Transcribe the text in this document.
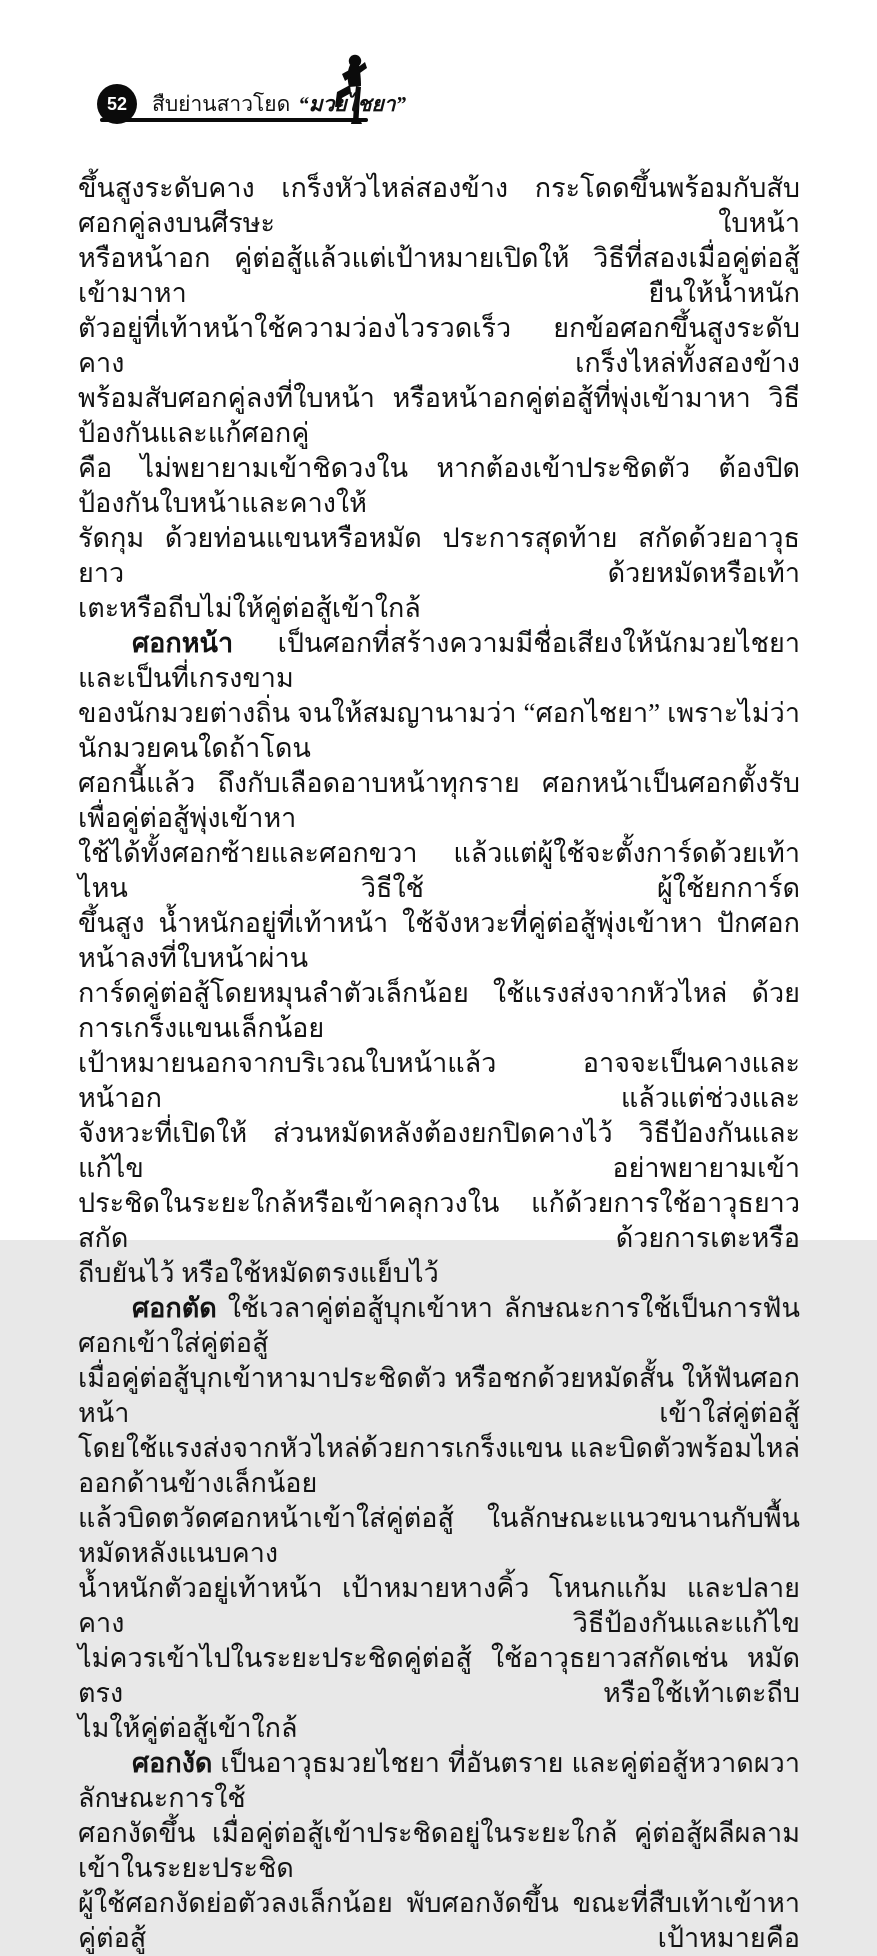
52 สืบย่านสาวโยด “มวยไชยา”
ขึ้นสูงระดับคาง เกร็งหัวไหล่สองข้าง กระโดดขึ้นพร้อมกับสับศอกคู่ลงบนศีรษะ ใบหน้า
หรือหน้าอก คู่ต่อสู้แล้วแต่เป้าหมายเปิดให้ วิธีที่สองเมื่อคู่ต่อสู้เข้ามาหา ยืนให้น้ำหนัก
ตัวอยู่ที่เท้าหน้าใช้ความว่องไวรวดเร็ว ยกข้อศอกขึ้นสูงระดับคาง เกร็งไหล่ทั้งสองข้าง
พร้อมสับศอกคู่ลงที่ใบหน้า หรือหน้าอกคู่ต่อสู้ที่พุ่งเข้ามาหา วิธีป้องกันและแก้ศอกคู่
คือ ไม่พยายามเข้าชิดวงใน หากต้องเข้าประชิดตัว ต้องปิดป้องกันใบหน้าและคางให้
รัดกุม ด้วยท่อนแขนหรือหมัด ประการสุดท้าย สกัดด้วยอาวุธยาว ด้วยหมัดหรือเท้า
เตะหรือถีบไม่ให้คู่ต่อสู้เข้าใกล้
ศอกหน้า เป็นศอกที่สร้างความมีชื่อเสียงให้นักมวยไชยา และเป็นที่เกรงขาม
ของนักมวยต่างถิ่น จนให้สมญานามว่า “ศอกไชยา” เพราะไม่ว่านักมวยคนใดถ้าโดน
ศอกนี้แล้ว ถึงกับเลือดอาบหน้าทุกราย ศอกหน้าเป็นศอกตั้งรับเพื่อคู่ต่อสู้พุ่งเข้าหา
ใช้ได้ทั้งศอกซ้ายและศอกขวา แล้วแต่ผู้ใช้จะตั้งการ์ดด้วยเท้าไหน วิธีใช้ ผู้ใช้ยกการ์ด
ขึ้นสูง น้ำหนักอยู่ที่เท้าหน้า ใช้จังหวะที่คู่ต่อสู้พุ่งเข้าหา ปักศอกหน้าลงที่ใบหน้าผ่าน
การ์ดคู่ต่อสู้โดยหมุนลำตัวเล็กน้อย ใช้แรงส่งจากหัวไหล่ ด้วยการเกร็งแขนเล็กน้อย
เป้าหมายนอกจากบริเวณใบหน้าแล้ว อาจจะเป็นคางและหน้าอก แล้วแต่ช่วงและ
จังหวะที่เปิดให้ ส่วนหมัดหลังต้องยกปิดคางไว้ วิธีป้องกันและแก้ไข อย่าพยายามเข้า
ประชิดในระยะใกล้หรือเข้าคลุกวงใน แก้ด้วยการใช้อาวุธยาวสกัด ด้วยการเตะหรือ
ถีบยันไว้ หรือใช้หมัดตรงแย็บไว้
ศอกตัด ใช้เวลาคู่ต่อสู้บุกเข้าหา ลักษณะการใช้เป็นการฟันศอกเข้าใส่คู่ต่อสู้
เมื่อคู่ต่อสู้บุกเข้าหามาประชิดตัว หรือชกด้วยหมัดสั้น ให้ฟันศอกหน้า เข้าใส่คู่ต่อสู้
โดยใช้แรงส่งจากหัวไหล่ด้วยการเกร็งแขน และบิดตัวพร้อมไหล่ออกด้านข้างเล็กน้อย
แล้วบิดตวัดศอกหน้าเข้าใส่คู่ต่อสู้ ในลักษณะแนวขนานกับพื้น หมัดหลังแนบคาง
น้ำหนักตัวอยู่เท้าหน้า เป้าหมายหางคิ้ว โหนกแก้ม และปลายคาง วิธีป้องกันและแก้ไข
ไม่ควรเข้าไปในระยะประชิดคู่ต่อสู้ ใช้อาวุธยาวสกัดเช่น หมัดตรง หรือใช้เท้าเตะถีบ
ไมให้คู่ต่อสู้เข้าใกล้
ศอกงัด เป็นอาวุธมวยไชยา ที่อันตราย และคู่ต่อสู้หวาดผวา ลักษณะการใช้
ศอกงัดขึ้น เมื่อคู่ต่อสู้เข้าประชิดอยู่ในระยะใกล้ คู่ต่อสู้ผลีผลามเข้าในระยะประชิด
ผู้ใช้ศอกงัดย่อตัวลงเล็กน้อย พับศอกงัดขึ้น ขณะที่สืบเท้าเข้าหาคู่ต่อสู้ เป้าหมายคือ
